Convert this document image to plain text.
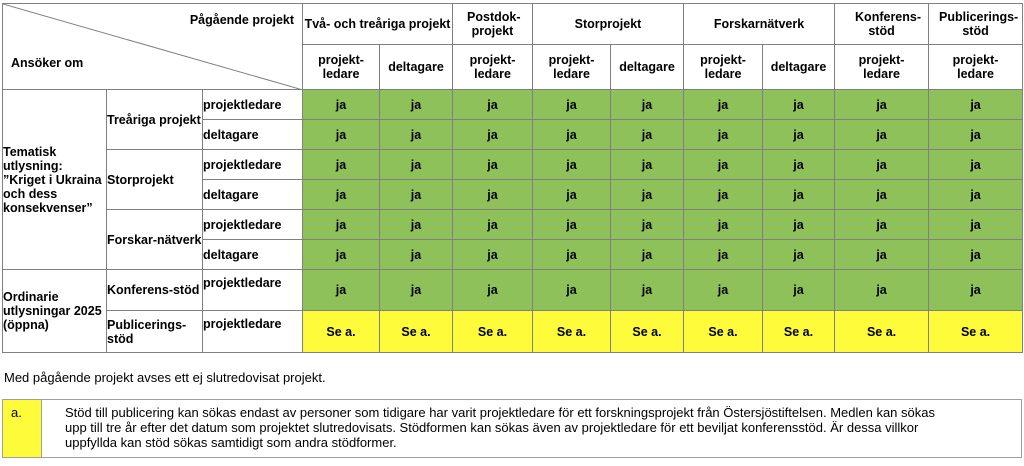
Pågående projekt
Ansöker om			Två- och treåriga projekt		Postdok-projekt	Storprojekt		Forskarnätverk		Konferens-stöd	Publicerings-stöd
			projekt-ledare	deltagare	projekt-ledare	projekt-ledare	deltagare	projekt-ledare	deltagare	projekt-ledare	projekt-ledare
Tematisk utlysning: ”Kriget i Ukraina och dess konsekvenser”	Treåriga projekt	projektledare	ja	ja	ja	ja	ja	ja	ja	ja	ja
		deltagare	ja	ja	ja	ja	ja	ja	ja	ja	ja
	Storprojekt	projektledare	ja	ja	ja	ja	ja	ja	ja	ja	ja
		deltagare	ja	ja	ja	ja	ja	ja	ja	ja	ja
	Forskar-nätverk	projektledare	ja	ja	ja	ja	ja	ja	ja	ja	ja
		deltagare	ja	ja	ja	ja	ja	ja	ja	ja	ja
Ordinarie utlysningar 2025 (öppna)	Konferens-stöd	projektledare	ja	ja	ja	ja	ja	ja	ja	ja	ja
	Publicerings-stöd	projektledare	Se a.	Se a.	Se a.	Se a.	Se a.	Se a.	Se a.	Se a.	Se a.
Med pågående projekt avses ett ej slutredovisat projekt.
a.	Stöd till publicering kan sökas endast av personer som tidigare har varit projektledare för ett forskningsprojekt från Östersjöstiftelsen. Medlen kan sökas upp till tre år efter det datum som projektet slutredovisats. Stödformen kan sökas även av projektledare för ett beviljat konferensstöd. Är dessa villkor uppfyllda kan stöd sökas samtidigt som andra stödformer.
